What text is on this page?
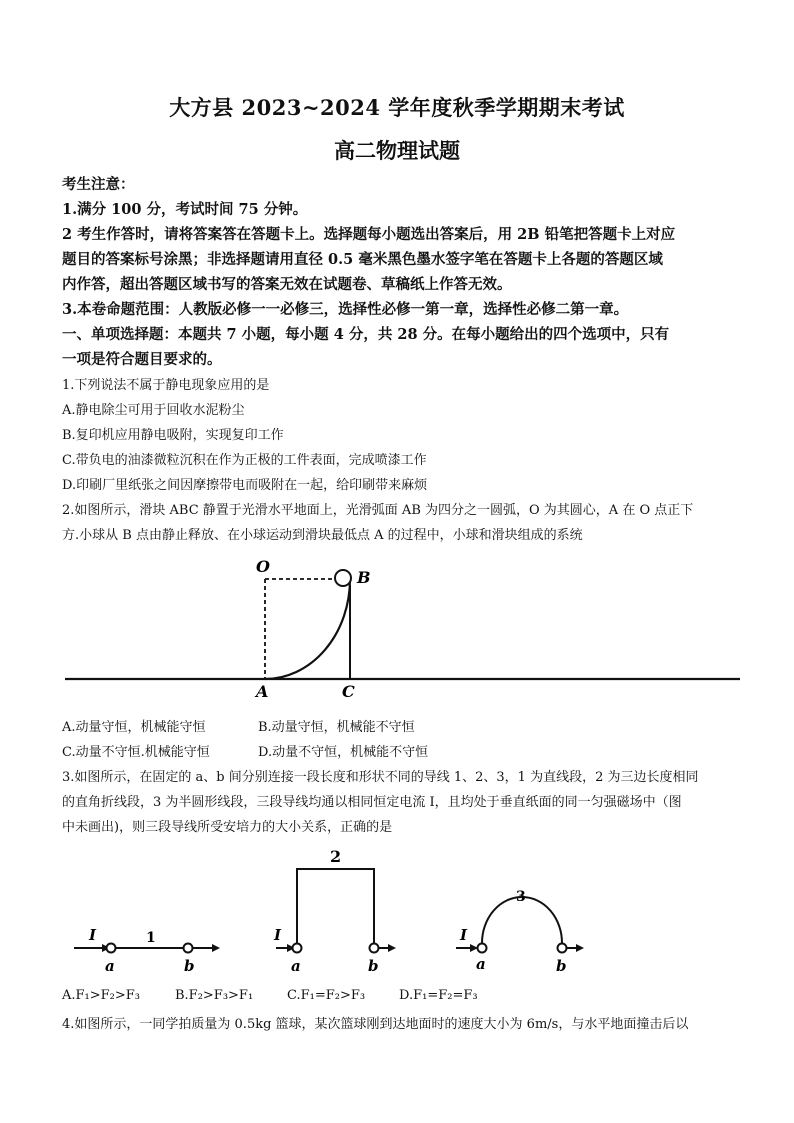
大方县 2023~2024 学年度秋季学期期末考试
高二物理试题
考生注意：
1.满分 100 分，考试时间 75 分钟。
2 考生作答时，请将答案答在答题卡上。选择题每小题选出答案后，用 2B 铅笔把答题卡上对应
题目的答案标号涂黑；非选择题请用直径 0.5 毫米黑色墨水签字笔在答题卡上各题的答题区域
内作答，超出答题区域书写的答案无效在试题卷、草稿纸上作答无效。
3.本卷命题范围：人教版必修一一必修三，选择性必修一第一章，选择性必修二第一章。
一、单项选择题：本题共 7 小题，每小题 4 分，共 28 分。在每小题给出的四个选项中，只有
一项是符合题目要求的。
1.下列说法不属于静电现象应用的是
A.静电除尘可用于回收水泥粉尘
B.复印机应用静电吸附，实现复印工作
C.带负电的油漆微粒沉积在作为正极的工件表面，完成喷漆工作
D.印刷厂里纸张之间因摩擦带电而吸附在一起，给印刷带来麻烦
2.如图所示，滑块 ABC 静置于光滑水平地面上，光滑弧面 AB 为四分之一圆弧，O 为其圆心，A 在 O 点正下
方.小球从 B 点由静止释放、在小球运动到滑块最低点 A 的过程中，小球和滑块组成的系统
O
B
A	C
A.动量守恒，机械能守恒	B.动量守恒，机械能不守恒
C.动量不守恒.机械能守恒	D.动量不守恒，机械能不守恒
3.如图所示，在固定的 a、b 间分别连接一段长度和形状不同的导线 1、2、3，1 为直线段，2 为三边长度相同
的直角折线段，3 为半圆形线段，三段导线均通以相同恒定电流 I，且均处于垂直纸面的同一匀强磁场中（图
中未画出)，则三段导线所受安培力的大小关系，正确的是
I	1
a	b
I
2
a	b
I
3
a	b
A.F₁>F₂>F₃	B.F₂>F₃>F₁	C.F₁=F₂>F₃	D.F₁=F₂=F₃
4.如图所示，一同学拍质量为 0.5kg 篮球，某次篮球刚到达地面时的速度大小为 6m/s，与水平地面撞击后以
